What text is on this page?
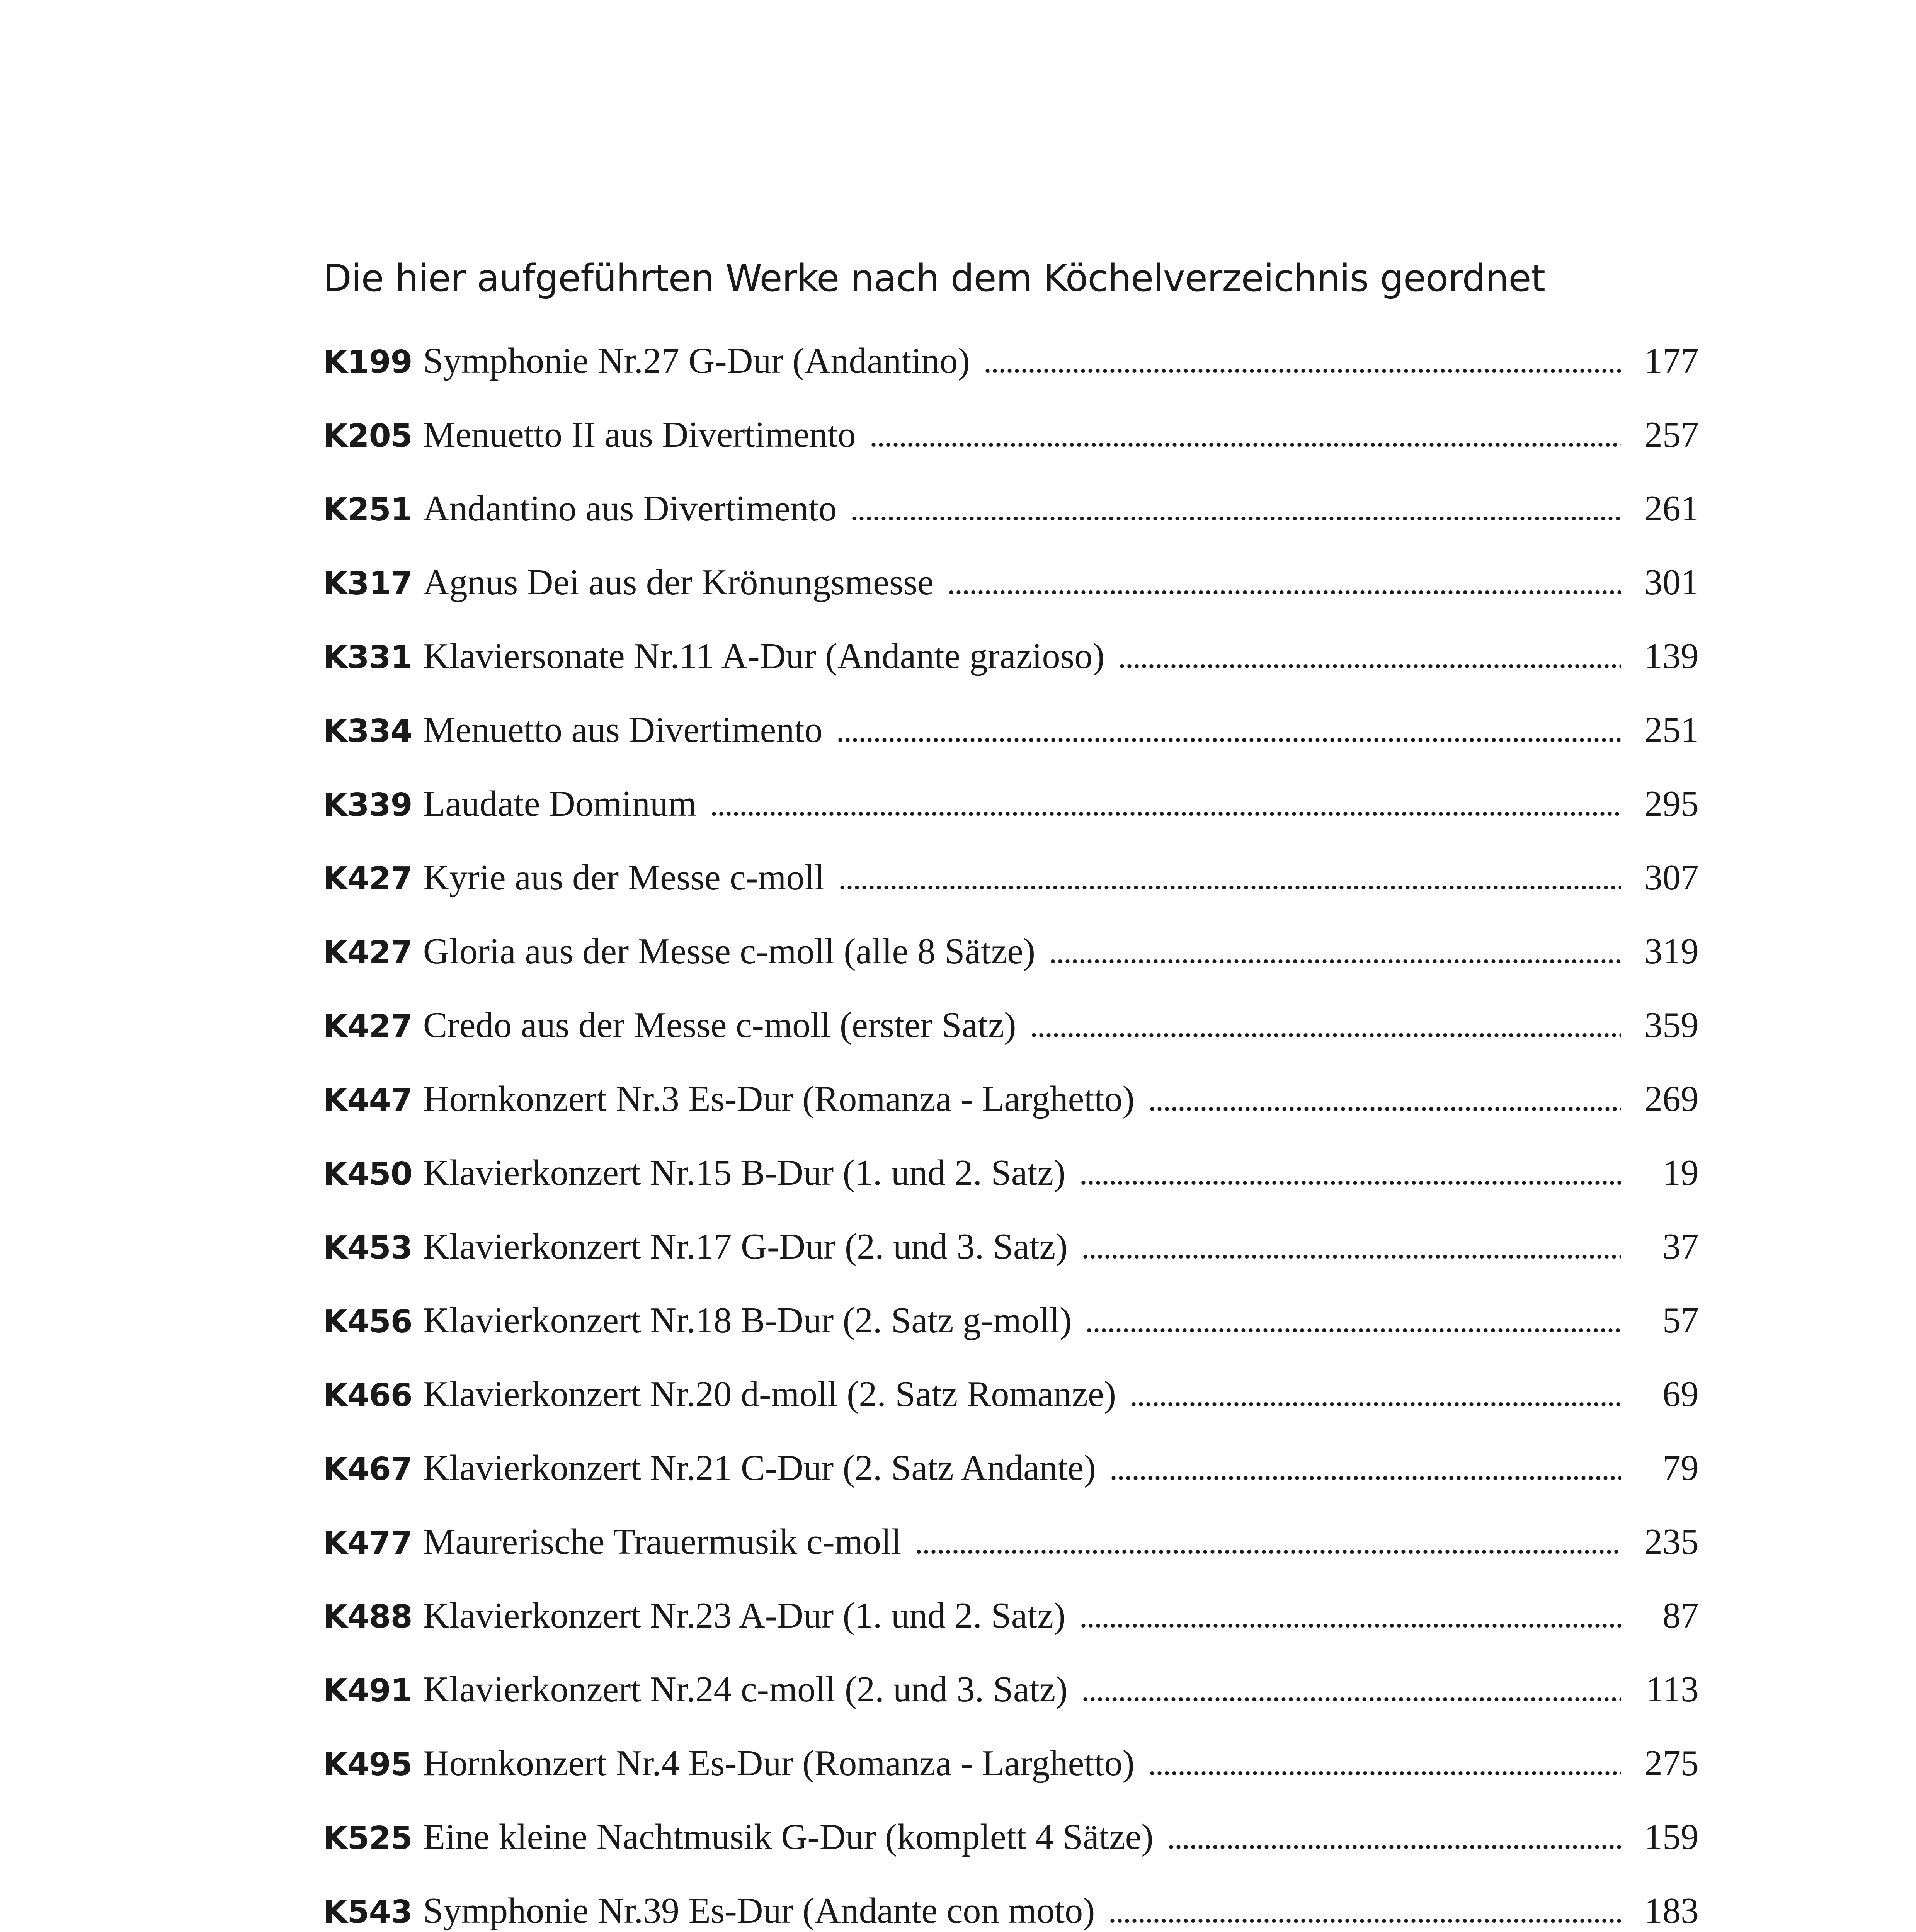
Die hier aufgeführten Werke nach dem Köchelverzeichnis geordnet
K199 Symphonie Nr.27 G-Dur (Andantino)	177
K205 Menuetto II aus Divertimento	257
K251 Andantino aus Divertimento	261
K317 Agnus Dei aus der Krönungsmesse	301
K331 Klaviersonate Nr.11 A-Dur (Andante grazioso)	139
K334 Menuetto aus Divertimento	251
K339 Laudate Dominum	295
K427 Kyrie aus der Messe c-moll	307
K427 Gloria aus der Messe c-moll (alle 8 Sätze)	319
K427 Credo aus der Messe c-moll (erster Satz)	359
K447 Hornkonzert Nr.3 Es-Dur (Romanza - Larghetto)	269
K450 Klavierkonzert Nr.15 B-Dur (1. und 2. Satz)	19
K453 Klavierkonzert Nr.17 G-Dur (2. und 3. Satz)	37
K456 Klavierkonzert Nr.18 B-Dur (2. Satz g-moll)	57
K466 Klavierkonzert Nr.20 d-moll (2. Satz Romanze)	69
K467 Klavierkonzert Nr.21 C-Dur (2. Satz Andante)	79
K477 Maurerische Trauermusik c-moll	235
K488 Klavierkonzert Nr.23 A-Dur (1. und 2. Satz)	87
K491 Klavierkonzert Nr.24 c-moll (2. und 3. Satz)	113
K495 Hornkonzert Nr.4 Es-Dur (Romanza - Larghetto)	275
K525 Eine kleine Nachtmusik G-Dur (komplett 4 Sätze)	159
K543 Symphonie Nr.39 Es-Dur (Andante con moto)	183
